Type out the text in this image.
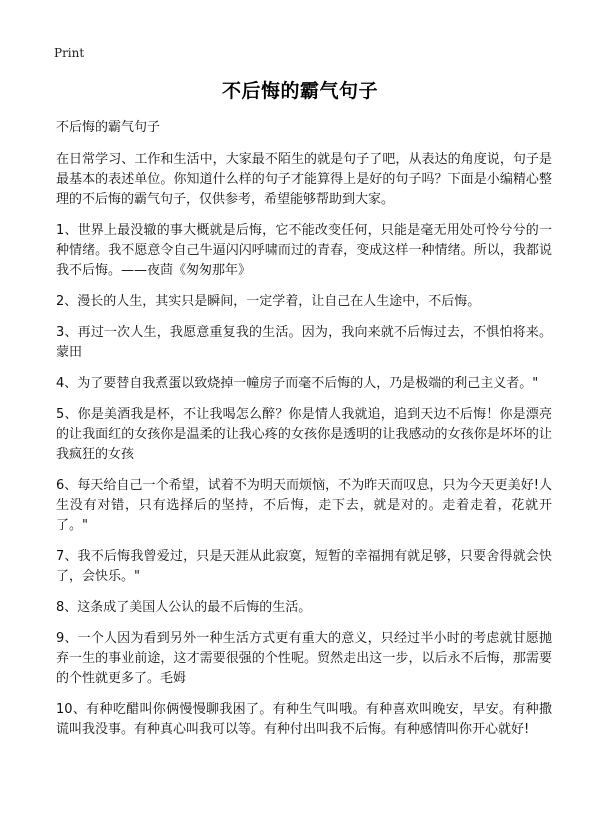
Print
不后悔的霸气句子

不后悔的霸气句子

在日常学习、工作和生活中，大家最不陌生的就是句子了吧，从表达的角度说，句子是最基本的表述单位。你知道什么样的句子才能算得上是好的句子吗？下面是小编精心整理的不后悔的霸气句子，仅供参考，希望能够帮助到大家。

1、世界上最没辙的事大概就是后悔，它不能改变任何，只能是毫无用处可怜兮兮的一种情绪。我不愿意令自己牛逼闪闪呼啸而过的青春，变成这样一种情绪。所以，我都说我不后悔。——夜茴《匆匆那年》

2、漫长的人生，其实只是瞬间，一定学着，让自己在人生途中，不后悔。

3、再过一次人生，我愿意重复我的生活。因为，我向来就不后悔过去，不惧怕将来。蒙田

4、为了要替自我煮蛋以致烧掉一幢房子而毫不后悔的人，乃是极端的利己主义者。"

5、你是美酒我是杯，不让我喝怎么醉？你是情人我就追，追到天边不后悔！你是漂亮的让我面红的女孩你是温柔的让我心疼的女孩你是透明的让我感动的女孩你是坏坏的让我疯狂的女孩

6、每天给自己一个希望，试着不为明天而烦恼，不为昨天而叹息，只为今天更美好!人生没有对错，只有选择后的坚持，不后悔，走下去，就是对的。走着走着，花就开了。"

7、我不后悔我曾爱过，只是天涯从此寂寞，短暂的幸福拥有就足够，只要舍得就会快了，会快乐。"

8、这条成了美国人公认的最不后悔的生活。

9、一个人因为看到另外一种生活方式更有重大的意义，只经过半小时的考虑就甘愿抛弃一生的事业前途，这才需要很强的个性呢。贸然走出这一步，以后永不后悔，那需要的个性就更多了。毛姆

10、有种吃醋叫你俩慢慢聊我困了。有种生气叫哦。有种喜欢叫晚安，早安。有种撒谎叫我没事。有种真心叫我可以等。有种付出叫我不后悔。有种感情叫你开心就好!
